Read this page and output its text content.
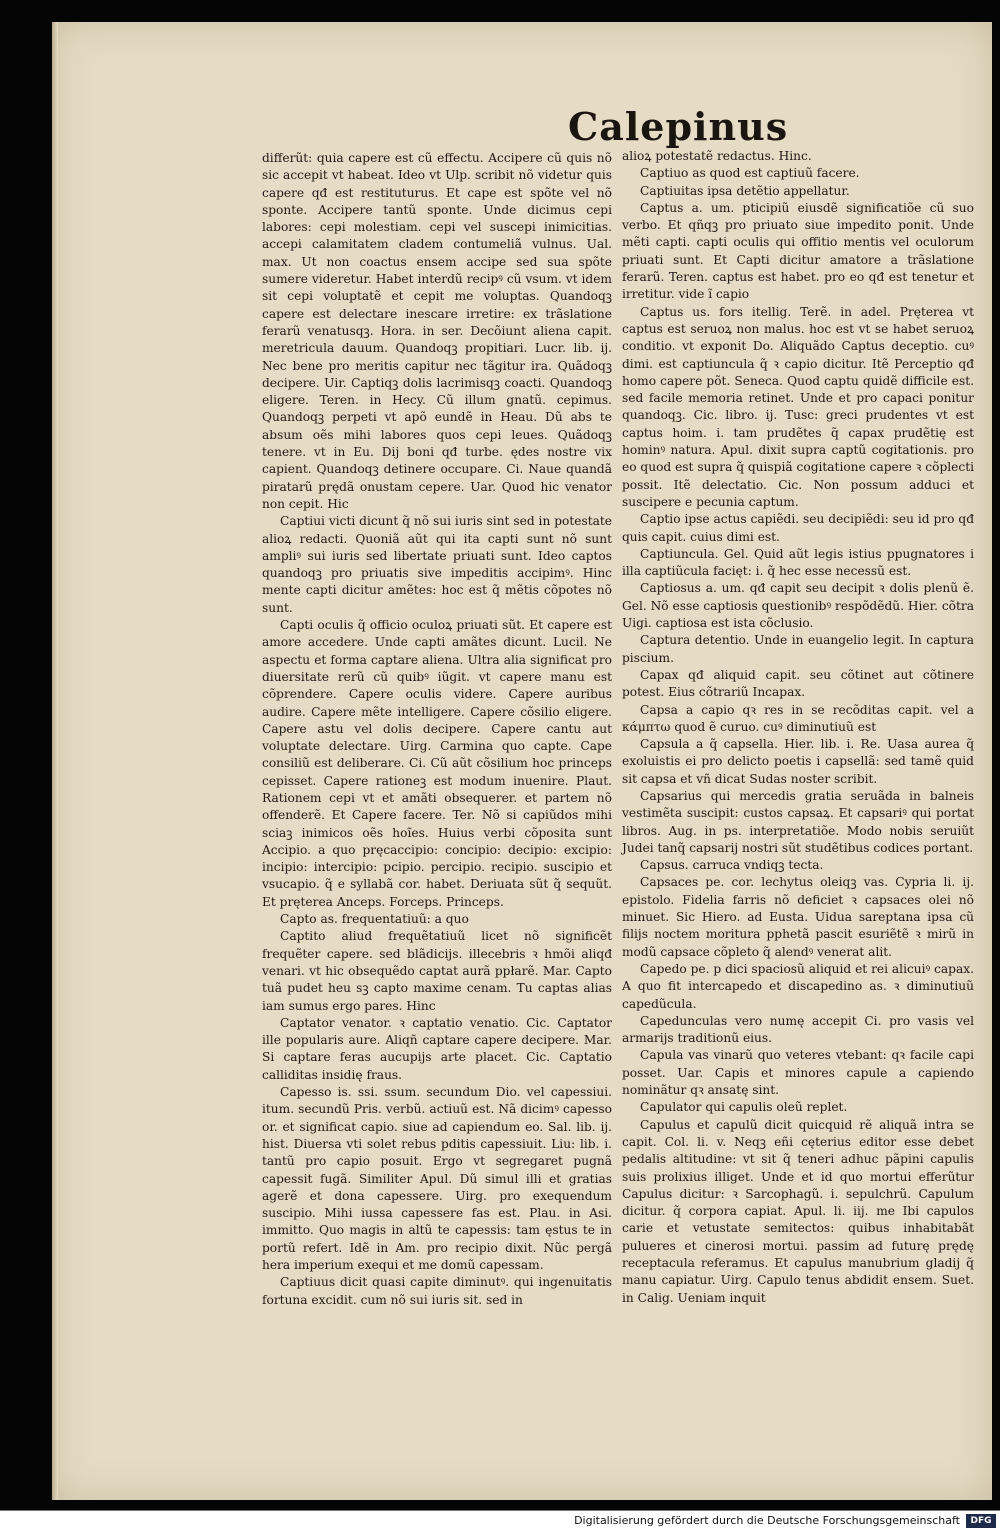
Calepinus

differũt: quia capere est cũ effectu. Accipere cũ quis nõ sic accepit vt habeat. Ideo vt Ulp. scribit nõ videtur quis capere qđ est restituturus. Et cape est spõte vel nõ sponte. Accipere tantũ sponte. Unde dicimus cepi labores: cepi molestiam. cepi vel suscepi inimicitias. accepi calamitatem cladem contumeliã vulnus. Ual. max. Ut non coactus ensem accipe sed sua spõte sumere videretur. Habet interdũ recipꝰ cũ vsum. vt idem sit cepi voluptatẽ et cepit me voluptas. Quandoqꝫ capere est delectare inescare irretire: ex trãslatione ferarũ venatusqꝫ. Hora. in ser. Decõiunt aliena capit. meretricula dauum. Quandoqꝫ propitiari. Lucr. lib. ij. Nec bene pro meritis capitur nec tãgitur ira. Quãdoqꝫ decipere. Uir. Captiqꝫ dolis lacrimisqꝫ coacti. Quandoqꝫ eligere. Teren. in Hecy. Cũ illum gnatũ. cepimus. Quandoqꝫ perpeti vt apõ eundẽ in Heau. Dũ abs te absum oẽs mihi labores quos cepi leues. Quãdoqꝫ tenere. vt in Eu. Dij boni qđ turbe. ędes nostre vix capient. Quandoqꝫ detinere occupare. Ci. Naue quandã piratarũ prędã onustam cepere. Uar. Quod hic venator non cepit. Hic

Captiui victi dicunt q̃ nõ sui iuris sint sed in potestate alioꝝ redacti. Quoniã aũt qui ita capti sunt nõ sunt ampliꝰ sui iuris sed libertate priuati sunt. Ideo captos quandoqꝫ pro priuatis sive impeditis accipimꝰ. Hinc mente capti dicitur amẽtes: hoc est q̃ mẽtis cõpotes nõ sunt.

Capti oculis q̃ officio oculoꝝ priuati sũt. Et capere est amore accedere. Unde capti amãtes dicunt. Lucil. Ne aspectu et forma captare aliena. Ultra alia significat pro diuersitate rerũ cũ quibꝰ iũgit. vt capere manu est cõprendere. Capere oculis videre. Capere auribus audire. Capere mẽte intelligere. Capere cõsilio eligere. Capere astu vel dolis decipere. Capere cantu aut voluptate delectare. Uirg. Carmina quo capte. Cape consiliũ est deliberare. Ci. Cũ aũt cõsilium hoc princeps cepisset. Capere rationeꝫ est modum inuenire. Plaut. Rationem cepi vt et amãti obsequerer. et partem nõ offenderẽ. Et Capere facere. Ter. Nõ si capiũdos mihi sciaꝫ inimicos oẽs hoĩes. Huius verbi cõposita sunt Accipio. a quo pręcaccipio: concipio: decipio: excipio: incipio: intercipio: pcipio. percipio. recipio. suscipio et vsucapio. q̃ e syllabã cor. habet. Deriuata sũt q̃ sequũt. Et pręterea Anceps. Forceps. Princeps.

Capto as. frequentatiuũ: a quo

Captito aliud frequẽtatiuũ licet nõ significẽt frequẽter capere. sed blãdicijs. illecebris ꝛ hmõi aliqđ venari. vt hic obsequẽdo captat aurã ppłarẽ. Mar. Capto tuã pudet heu sꝫ capto maxime cenam. Tu captas alias iam sumus ergo pares. Hinc

Captator venator. ꝛ captatio venatio. Cic. Captator ille popularis aure. Aliqñ captare capere decipere. Mar. Si captare feras aucupijs arte placet. Cic. Captatio calliditas insidię fraus.

Capesso is. ssi. ssum. secundum Dio. vel capessiui. itum. secundũ Pris. verbũ. actiuũ est. Nã dicimꝰ capesso or. et significat capio. siue ad capiendum eo. Sal. lib. ij. hist. Diuersa vti solet rebus pditis capessiuit. Liu: lib. i. tantũ pro capio posuit. Ergo vt segregaret pugnã capessit fugã. Similiter Apul. Dũ simul illi et gratias agerẽ et dona capessere. Uirg. pro exequendum suscipio. Mihi iussa capessere fas est. Plau. in Asi. immitto. Quo magis in altũ te capessis: tam ęstus te in portũ refert. Idẽ in Am. pro recipio dixit. Nũc pergã hera imperium exequi et me domũ capessam.

Captiuus dicit quasi capite diminutꝰ. qui ingenuitatis fortuna excidit. cum nõ sui iuris sit. sed in

alioꝝ potestatẽ redactus. Hinc.

Captiuo as quod est captiuũ facere.

Captiuitas ipsa detẽtio appellatur.

Captus a. um. pticipiũ eiusdẽ significatiõe cũ suo verbo. Et qñqꝫ pro priuato siue impedito ponit. Unde mẽti capti. capti oculis qui offitio mentis vel oculorum priuati sunt. Et Capti dicitur amatore a trãslatione ferarũ. Teren. captus est habet. pro eo qđ est tenetur et irretitur. vide ĩ capio

Captus us. fors itellig. Terẽ. in adel. Pręterea vt captus est seruoꝝ non malus. hoc est vt se habet seruoꝝ conditio. vt exponit Do. Aliquãdo Captus deceptio. cuꝰ dimi. est captiuncula q̃ ꝛ capio dicitur. Itẽ Perceptio qđ homo capere põt. Seneca. Quod captu quidẽ difficile est. sed facile memoria retinet. Unde et pro capaci ponitur quandoqꝫ. Cic. libro. ij. Tusc: greci prudentes vt est captus hoim. i. tam prudẽtes q̃ capax prudẽtię est hominꝰ natura. Apul. dixit supra captũ cogitationis. pro eo quod est supra q̃ quispiã cogitatione capere ꝛ cõplecti possit. Itẽ delectatio. Cic. Non possum adduci et suscipere e pecunia captum.

Captio ipse actus capiẽdi. seu decipiẽdi: seu id pro qđ quis capit. cuius dimi est.

Captiuncula. Gel. Quid aũt legis istius ppugnatores i illa captiũcula facięt: i. q̃ hec esse necessũ est.

Captiosus a. um. qđ capit seu decipit ꝛ dolis plenũ ẽ. Gel. Nõ esse captiosis questionibꝰ respõdẽdũ. Hier. cõtra Uigi. captiosa est ista cõclusio.

Captura detentio. Unde in euangelio legit. In captura piscium.

Capax qđ aliquid capit. seu cõtinet aut cõtinere potest. Eius cõtrariũ Incapax.

Capsa a capio qꝛ res in se recõditas capit. vel a κάμπτω quod ẽ curuo. cuꝰ diminutiuũ est

Capsula a q̃ capsella. Hier. lib. i. Re. Uasa aurea q̃ exoluistis ei pro delicto poetis i capsellã: sed tamẽ quid sit capsa et vñ dicat Sudas noster scribit.

Capsarius qui mercedis gratia seruãda in balneis vestimẽta suscipit: custos capsaꝝ. Et capsariꝰ qui portat libros. Aug. in ps. interpretatiõe. Modo nobis seruiũt Judei tanq̃ capsarij nostri sũt studẽtibus codices portant.

Capsus. carruca vndiqꝫ tecta.

Capsaces pe. cor. lechytus oleiqꝫ vas. Cypria li. ij. epistolo. Fidelia farris nõ deficiet ꝛ capsaces olei nõ minuet. Sic Hiero. ad Eusta. Uidua sareptana ipsa cũ filijs noctem moritura pphetã pascit esuriẽtẽ ꝛ mirũ in modũ capsace cõpleto q̃ alendꝰ venerat alit.

Capedo pe. p dici spaciosũ aliquid et rei alicuiꝰ capax. A quo fit intercapedo et discapedino as. ꝛ diminutiuũ capedũcula.

Capedunculas vero numę accepit Ci. pro vasis vel armarijs traditionũ eius.

Capula vas vinarũ quo veteres vtebant: qꝛ facile capi posset. Uar. Capis et minores capule a capiendo nominãtur qꝛ ansatę sint.

Capulator qui capulis oleũ replet.

Capulus et capulũ dicit quicquid rẽ aliquã intra se capit. Col. li. v. Neqꝫ eñi cęterius editor esse debet pedalis altitudine: vt sit q̃ teneri adhuc pãpini capulis suis prolixius illiget. Unde et id quo mortui efferũtur Capulus dicitur: ꝛ Sarcophagũ. i. sepulchrũ. Capulum dicitur. q̃ corpora capiat. Apul. li. iij. me Ibi capulos carie et vetustate semitectos: quibus inhabitabãt pulueres et cinerosi mortui. passim ad futurę prędę receptacula referamus. Et capulus manubrium gladij q̃ manu capiatur. Uirg. Capulo tenus abdidit ensem. Suet. in Calig. Ueniam inquit

Digitalisierung gefördert durch die Deutsche Forschungsgemeinschaft	DFG
